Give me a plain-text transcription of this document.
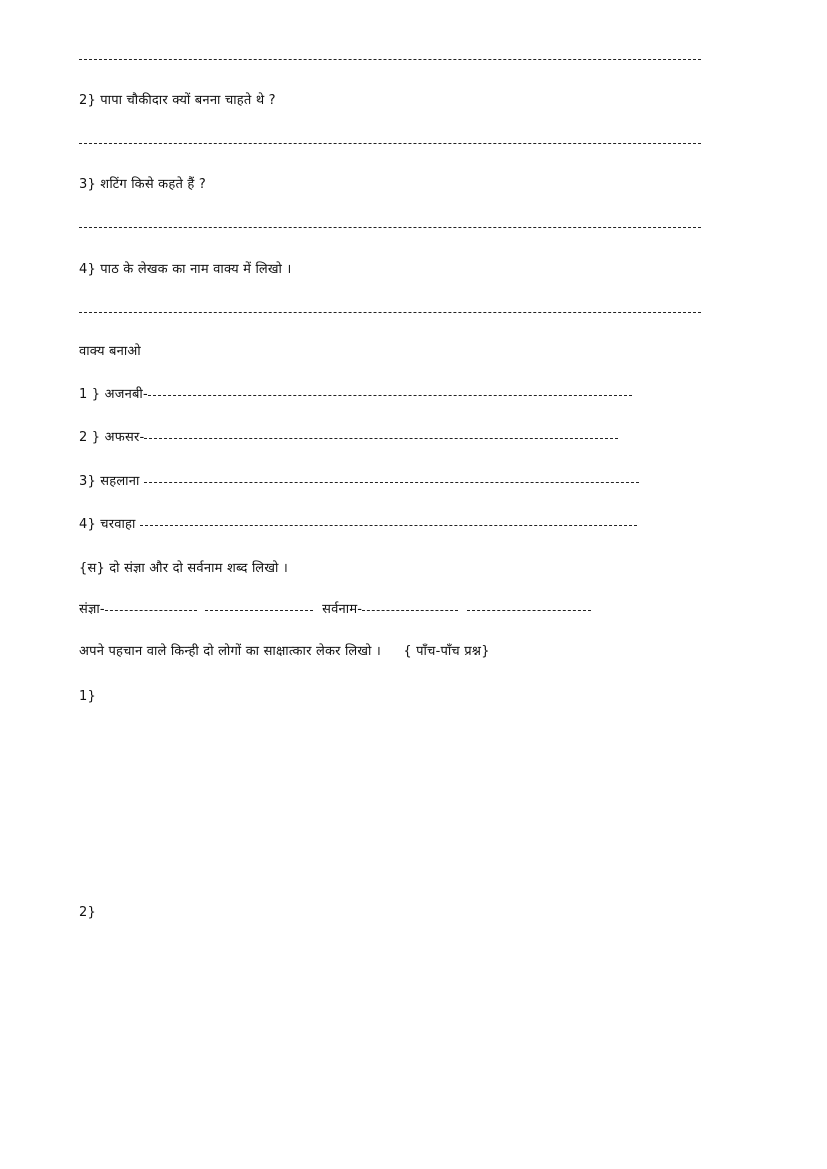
2} पापा चौकीदार क्यों बनना चाहते थे ?
3} शटिंग किसे कहते हैं ?
4} पाठ के लेखक का नाम वाक्य में लिखो ।
वाक्य बनाओ
1 } अजनबी-
2 } अफसर-
3} सहलाना
4} चरवाहा
{स} दो संज्ञा और दो सर्वनाम शब्द लिखो ।
संज्ञा-	सर्वनाम-
अपने पहचान वाले किन्ही दो लोगों का साक्षात्कार लेकर लिखो । { पाँच-पाँच प्रश्न}
1}
2}
